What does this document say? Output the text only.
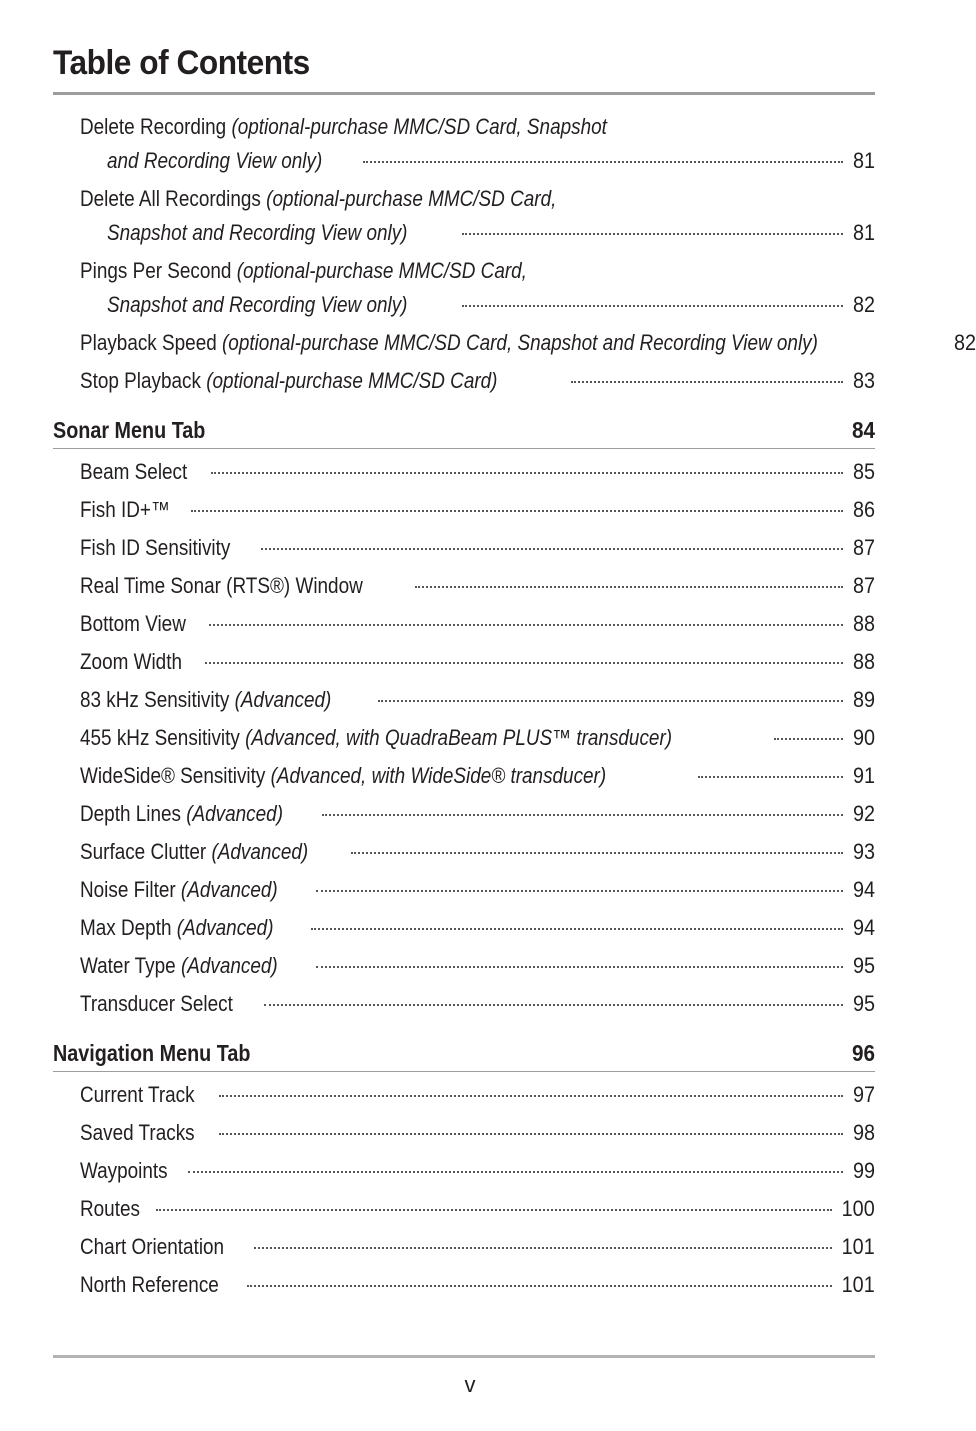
Table of Contents
Delete Recording (optional-purchase MMC/SD Card, Snapshot
and Recording View only)	81
Delete All Recordings (optional-purchase MMC/SD Card,
Snapshot and Recording View only)	81
Pings Per Second (optional-purchase MMC/SD Card,
Snapshot and Recording View only)	82
Playback Speed (optional-purchase MMC/SD Card, Snapshot and Recording View only)	82
Stop Playback (optional-purchase MMC/SD Card)	83
Sonar Menu Tab	84
Beam Select	85
Fish ID+™	86
Fish ID Sensitivity	87
Real Time Sonar (RTS®) Window	87
Bottom View	88
Zoom Width	88
83 kHz Sensitivity (Advanced)	89
455 kHz Sensitivity (Advanced, with QuadraBeam PLUS™ transducer)	90
WideSide® Sensitivity (Advanced, with WideSide® transducer)	91
Depth Lines (Advanced)	92
Surface Clutter (Advanced)	93
Noise Filter (Advanced)	94
Max Depth (Advanced)	94
Water Type (Advanced)	95
Transducer Select	95
Navigation Menu Tab	96
Current Track	97
Saved Tracks	98
Waypoints	99
Routes	100
Chart Orientation	101
North Reference	101
v
